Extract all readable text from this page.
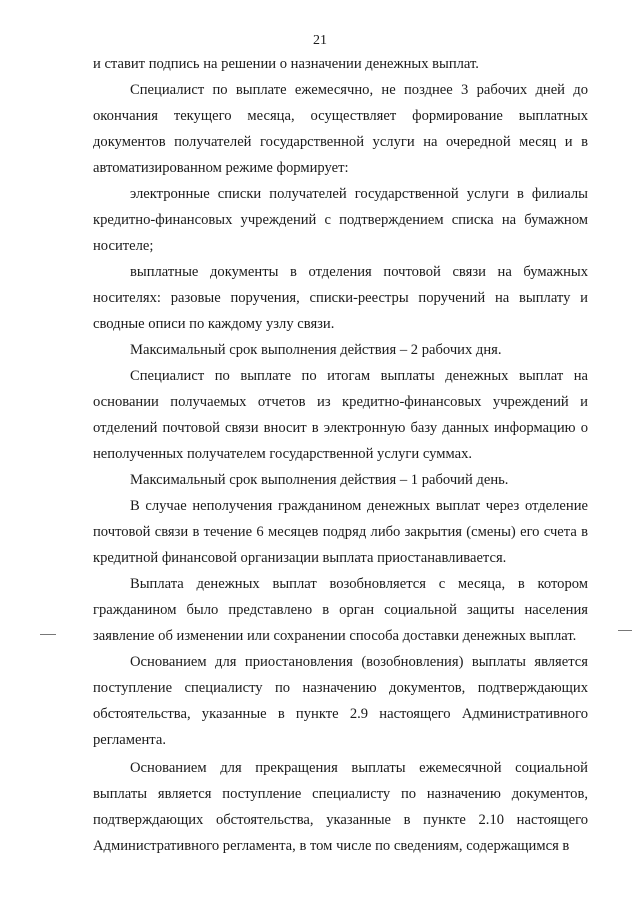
21

и ставит подпись на решении о назначении денежных выплат.

Специалист по выплате ежемесячно, не позднее 3 рабочих дней до окончания текущего месяца, осуществляет формирование выплатных документов получателей государственной услуги на очередной месяц и в автоматизированном режиме формирует:

электронные списки получателей государственной услуги в филиалы кредитно-финансовых учреждений с подтверждением списка на бумажном носителе;

выплатные документы в отделения почтовой связи на бумажных носителях: разовые поручения, списки-реестры поручений на выплату и сводные описи по каждому узлу связи.

Максимальный срок выполнения действия – 2 рабочих дня.

Специалист по выплате по итогам выплаты денежных выплат на основании получаемых отчетов из кредитно-финансовых учреждений и отделений почтовой связи вносит в электронную базу данных информацию о неполученных получателем государственной услуги суммах.

Максимальный срок выполнения действия – 1 рабочий день.

В случае неполучения гражданином денежных выплат через отделение почтовой связи в течение 6 месяцев подряд либо закрытия (смены) его счета в кредитной финансовой организации выплата приостанавливается.

Выплата денежных выплат возобновляется с месяца, в котором гражданином было представлено в орган социальной защиты населения заявление об изменении или сохранении способа доставки денежных выплат.

Основанием для приостановления (возобновления) выплаты является поступление специалисту по назначению документов, подтверждающих обстоятельства, указанные в пункте 2.9 настоящего Административного регламента.

Основанием для прекращения выплаты ежемесячной социальной выплаты является поступление специалисту по назначению документов, подтверждающих обстоятельства, указанные в пункте 2.10 настоящего Административного регламента, в том числе по сведениям, содержащимся в
